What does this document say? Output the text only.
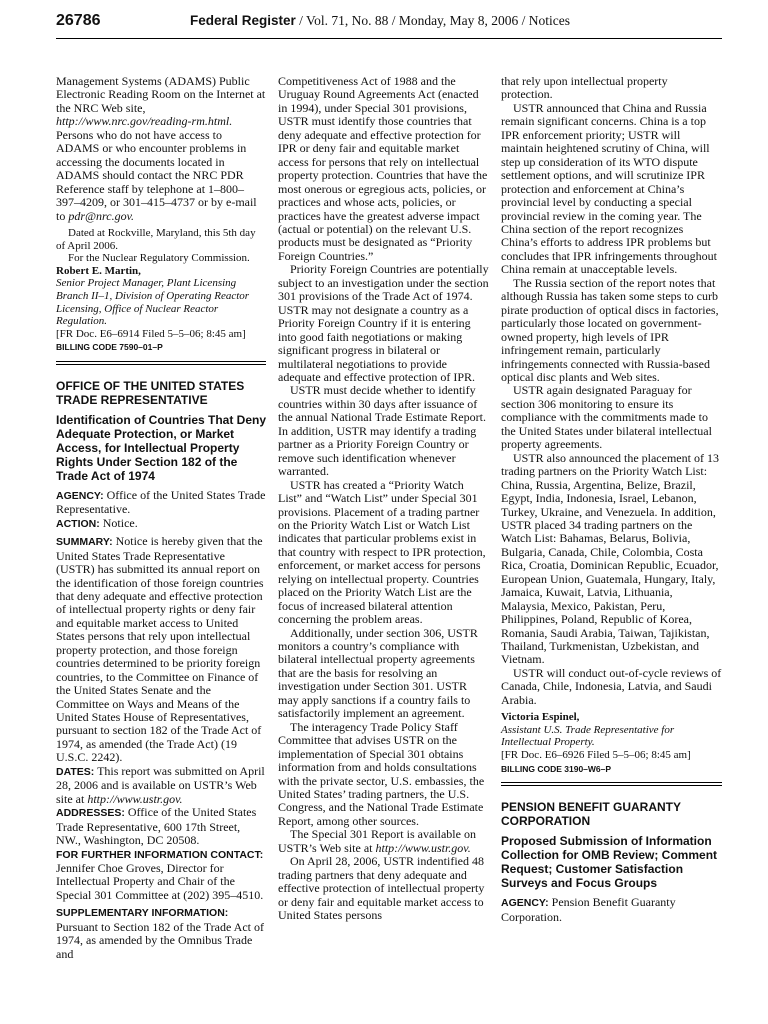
26786	Federal Register / Vol. 71, No. 88 / Monday, May 8, 2006 / Notices

Management Systems (ADAMS) Public Electronic Reading Room on the Internet at the NRC Web site, http://www.nrc.gov/reading-rm.html. Persons who do not have access to ADAMS or who encounter problems in accessing the documents located in ADAMS should contact the NRC PDR Reference staff by telephone at 1–800–397–4209, or 301–415–4737 or by e-mail to pdr@nrc.gov.

Dated at Rockville, Maryland, this 5th day of April 2006.

For the Nuclear Regulatory Commission.

Robert E. Martin,

Senior Project Manager, Plant Licensing Branch II–1, Division of Operating Reactor Licensing, Office of Nuclear Reactor Regulation.

[FR Doc. E6–6914 Filed 5–5–06; 8:45 am]

BILLING CODE 7590–01–P

OFFICE OF THE UNITED STATES TRADE REPRESENTATIVE

Identification of Countries That Deny Adequate Protection, or Market Access, for Intellectual Property Rights Under Section 182 of the Trade Act of 1974

AGENCY: Office of the United States Trade Representative.

ACTION: Notice.

SUMMARY: Notice is hereby given that the United States Trade Representative (USTR) has submitted its annual report on the identification of those foreign countries that deny adequate and effective protection of intellectual property rights or deny fair and equitable market access to United States persons that rely upon intellectual property protection, and those foreign countries determined to be priority foreign countries, to the Committee on Finance of the United States Senate and the Committee on Ways and Means of the United States House of Representatives, pursuant to section 182 of the Trade Act of 1974, as amended (the Trade Act) (19 U.S.C. 2242).

DATES: This report was submitted on April 28, 2006 and is available on USTR’s Web site at http://www.ustr.gov.

ADDRESSES: Office of the United States Trade Representative, 600 17th Street, NW., Washington, DC 20508.

FOR FURTHER INFORMATION CONTACT: Jennifer Choe Groves, Director for Intellectual Property and Chair of the Special 301 Committee at (202) 395–4510.

SUPPLEMENTARY INFORMATION: Pursuant to Section 182 of the Trade Act of 1974, as amended by the Omnibus Trade and

Competitiveness Act of 1988 and the Uruguay Round Agreements Act (enacted in 1994), under Special 301 provisions, USTR must identify those countries that deny adequate and effective protection for IPR or deny fair and equitable market access for persons that rely on intellectual property protection. Countries that have the most onerous or egregious acts, policies, or practices and whose acts, policies, or practices have the greatest adverse impact (actual or potential) on the relevant U.S. products must be designated as “Priority Foreign Countries.”

Priority Foreign Countries are potentially subject to an investigation under the section 301 provisions of the Trade Act of 1974. USTR may not designate a country as a Priority Foreign Country if it is entering into good faith negotiations or making significant progress in bilateral or multilateral negotiations to provide adequate and effective protection of IPR.

USTR must decide whether to identify countries within 30 days after issuance of the annual National Trade Estimate Report. In addition, USTR may identify a trading partner as a Priority Foreign Country or remove such identification whenever warranted.

USTR has created a “Priority Watch List” and “Watch List” under Special 301 provisions. Placement of a trading partner on the Priority Watch List or Watch List indicates that particular problems exist in that country with respect to IPR protection, enforcement, or market access for persons relying on intellectual property. Countries placed on the Priority Watch List are the focus of increased bilateral attention concerning the problem areas.

Additionally, under section 306, USTR monitors a country’s compliance with bilateral intellectual property agreements that are the basis for resolving an investigation under Section 301. USTR may apply sanctions if a country fails to satisfactorily implement an agreement.

The interagency Trade Policy Staff Committee that advises USTR on the implementation of Special 301 obtains information from and holds consultations with the private sector, U.S. embassies, the United States’ trading partners, the U.S. Congress, and the National Trade Estimate Report, among other sources.

The Special 301 Report is available on USTR’s Web site at http://www.ustr.gov.

On April 28, 2006, USTR indentified 48 trading partners that deny adequate and effective protection of intellectual property or deny fair and equitable market access to United States persons

that rely upon intellectual property protection.

USTR announced that China and Russia remain significant concerns. China is a top IPR enforcement priority; USTR will maintain heightened scrutiny of China, will step up consideration of its WTO dispute settlement options, and will scrutinize IPR protection and enforcement at China’s provincial level by conducting a special provincial review in the coming year. The China section of the report recognizes China’s efforts to address IPR problems but concludes that IPR infringements throughout China remain at unacceptable levels.

The Russia section of the report notes that although Russia has taken some steps to curb pirate production of optical discs in factories, particularly those located on government-owned property, high levels of IPR infringement remain, particularly infringements connected with Russia-based optical disc plants and Web sites.

USTR again designated Paraguay for section 306 monitoring to ensure its compliance with the commitments made to the United States under bilateral intellectual property agreements.

USTR also announced the placement of 13 trading partners on the Priority Watch List: China, Russia, Argentina, Belize, Brazil, Egypt, India, Indonesia, Israel, Lebanon, Turkey, Ukraine, and Venezuela. In addition, USTR placed 34 trading partners on the Watch List: Bahamas, Belarus, Bolivia, Bulgaria, Canada, Chile, Colombia, Costa Rica, Croatia, Dominican Republic, Ecuador, European Union, Guatemala, Hungary, Italy, Jamaica, Kuwait, Latvia, Lithuania, Malaysia, Mexico, Pakistan, Peru, Philippines, Poland, Republic of Korea, Romania, Saudi Arabia, Taiwan, Tajikistan, Thailand, Turkmenistan, Uzbekistan, and Vietnam.

USTR will conduct out-of-cycle reviews of Canada, Chile, Indonesia, Latvia, and Saudi Arabia.

Victoria Espinel,

Assistant U.S. Trade Representative for Intellectual Property.

[FR Doc. E6–6926 Filed 5–5–06; 8:45 am]

BILLING CODE 3190–W6–P

PENSION BENEFIT GUARANTY CORPORATION

Proposed Submission of Information Collection for OMB Review; Comment Request; Customer Satisfaction Surveys and Focus Groups

AGENCY: Pension Benefit Guaranty Corporation.
